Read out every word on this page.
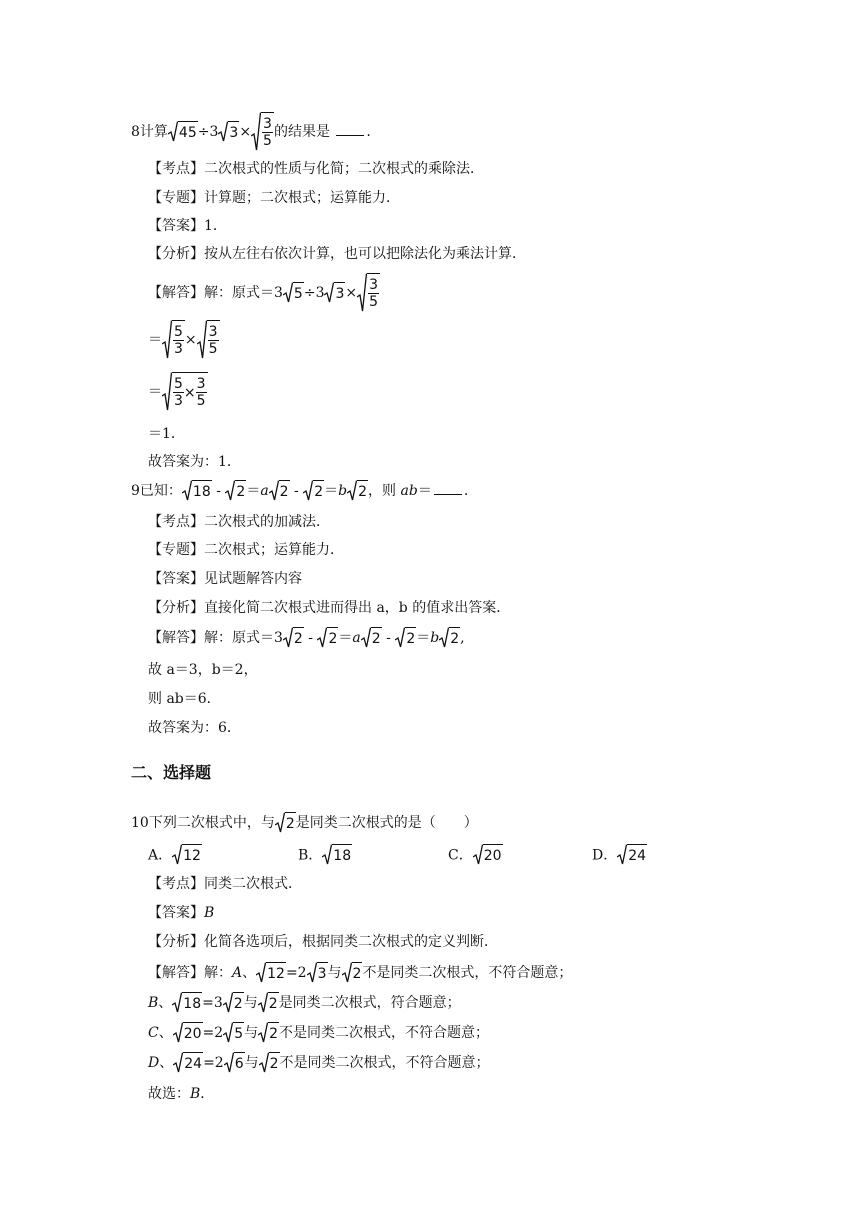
8计算 45 ÷3 $3 \times \frac{3}{5}$ 的结果是	.
【考点】二次根式的性质与化简；二次根式的乘除法．
【专题】计算题；二次根式；运算能力．
【答案】1．
【分析】按从左往右依次计算，也可以把除法化为乘法计算．
【解答】解：原式＝3 5 ÷3 $3 \times \frac{3}{5}$
＝ $\frac{5}{3} \times \frac{3}{5}$
＝ $\frac{5}{3} \times \frac{3}{5}$
＝1．
故答案为：1．
9已知： 18 - 2 ＝a 2 - 2 ＝b 2 ，则 ab＝ .
【考点】二次根式的加减法．
【专题】二次根式；运算能力．
【答案】见试题解答内容
【分析】直接化简二次根式进而得出 a，b 的值求出答案．
【解答】解：原式＝3 2 - 2 ＝a 2 - 2 ＝b 2 ,
故 a＝3，b＝2，
则 ab＝6．
故答案为：6．
二、选择题
10下列二次根式中，与 2 是同类二次根式的是（　　）
A． 12	B． 18	C． 20	D． 24
【考点】同类二次根式．
【答案】B
【分析】化简各选项后，根据同类二次根式的定义判断．
【解答】解：A、 12 =2 3 与 2 不是同类二次根式，不符合题意；
B、 18 =3 2 与 2 是同类二次根式，符合题意；
C、 20 =2 5 与 2 不是同类二次根式，不符合题意；
D、 24 =2 6 与 2 不是同类二次根式，不符合题意；
故选：B．
